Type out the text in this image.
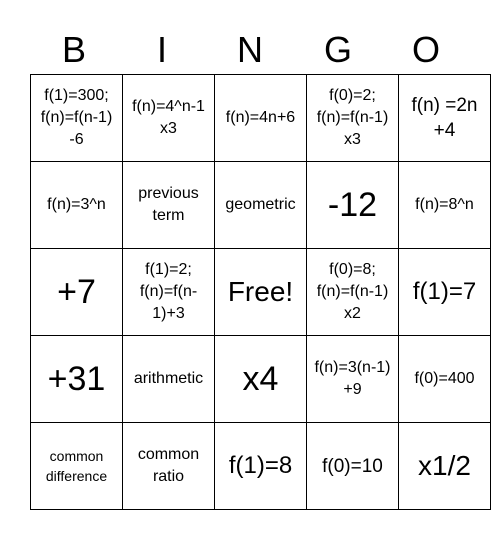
B	I	N	G	O
f(1)=300; f(n)=f(n-1) -6	f(n)=4^n-1 x3	f(n)=4n+6	f(0)=2; f(n)=f(n-1) x3	f(n) =2n +4
f(n)=3^n	previous term	geometric	-12	f(n)=8^n
+7	f(1)=2; f(n)=f(n-1)+3	Free!	f(0)=8; f(n)=f(n-1) x2	f(1)=7
+31	arithmetic	x4	f(n)=3(n-1) +9	f(0)=400
common difference	common ratio	f(1)=8	f(0)=10	x1/2
